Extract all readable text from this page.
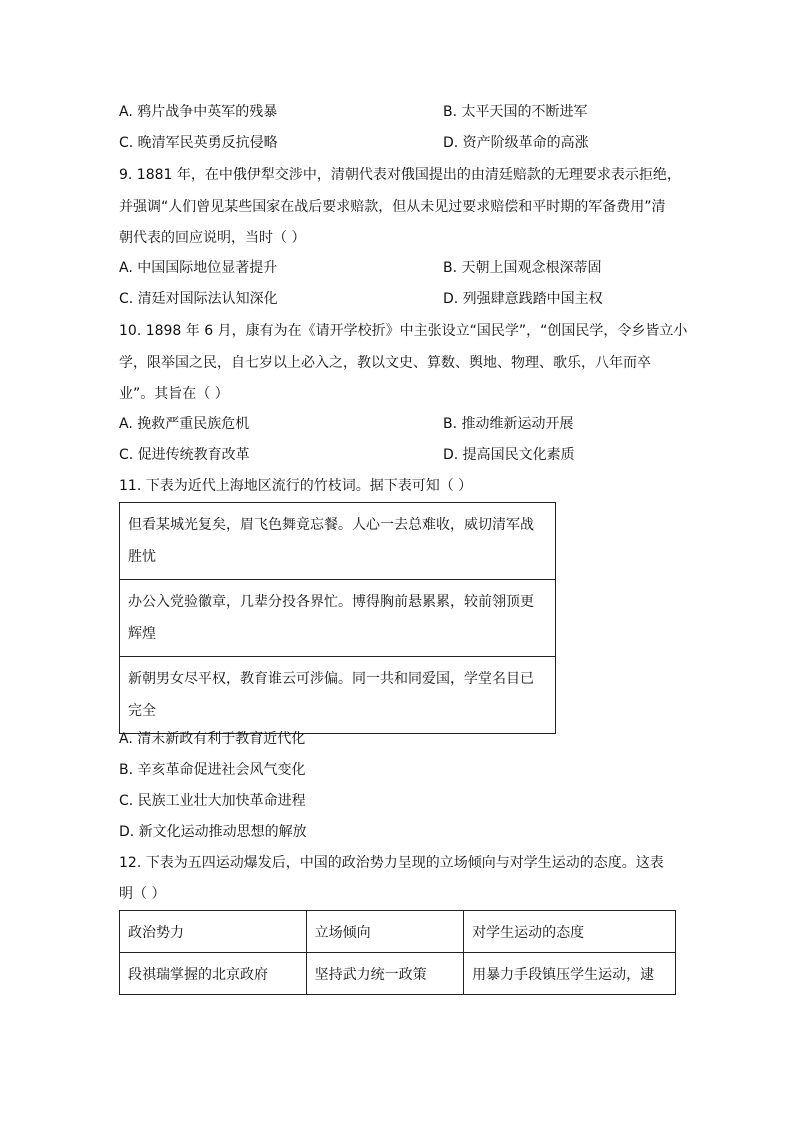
A. 鸦片战争中英军的残暴	B. 太平天国的不断进军
C. 晚清军民英勇反抗侵略	D. 资产阶级革命的高涨
9. 1881 年，在中俄伊犁交涉中，清朝代表对俄国提出的由清廷赔款的无理要求表示拒绝，
并强调“人们曾见某些国家在战后要求赔款，但从未见过要求赔偿和平时期的军备费用”清
朝代表的回应说明，当时（ ）
A. 中国国际地位显著提升	B. 天朝上国观念根深蒂固
C. 清廷对国际法认知深化	D. 列强肆意践踏中国主权
10. 1898 年 6 月，康有为在《请开学校折》中主张设立“国民学”，“创国民学，令乡皆立小
学，限举国之民，自七岁以上必入之，教以文史、算数、舆地、物理、歌乐，八年而卒
业”。其旨在（ ）
A. 挽救严重民族危机	B. 推动维新运动开展
C. 促进传统教育改革	D. 提高国民文化素质
11. 下表为近代上海地区流行的竹枝词。据下表可知（ ）
但看某城光复矣，眉飞色舞竟忘餐。人心一去总难收，威切清军战
胜忧

办公入党验徽章，几辈分投各界忙。博得胸前悬累累，较前翎顶更
辉煌

新朝男女尽平权，教育谁云可涉偏。同一共和同爱国，学堂名目已
完全
A. 清末新政有利于教育近代化
B. 辛亥革命促进社会风气变化
C. 民族工业壮大加快革命进程
D. 新文化运动推动思想的解放
12. 下表为五四运动爆发后，中国的政治势力呈现的立场倾向与对学生运动的态度。这表
明（ ）
政治势力	立场倾向	对学生运动的态度
段祺瑞掌握的北京政府	坚持武力统一政策	用暴力手段镇压学生运动，逮
